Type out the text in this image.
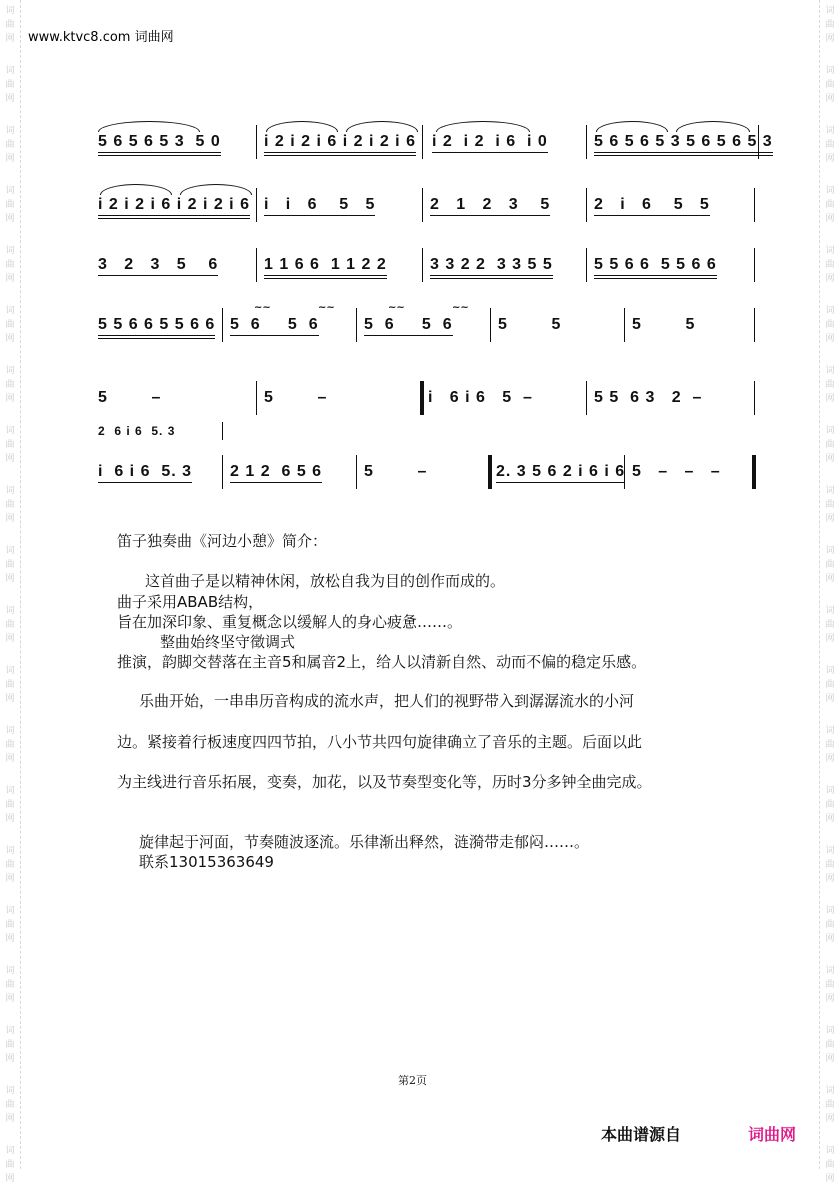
词
曲
网
词
曲
网
词
曲
网
词
曲
网
词
曲
网
词
曲
网
词
曲
网
词
曲
网
词
曲
网
词
曲
网
词
曲
网
词
曲
网
词
曲
网
词
曲
网
词
曲
网
词
曲
网
词
曲
网
词
曲
网
词
曲
网
词
曲
网
词
曲
网
词
曲
网
词
曲
网
词
曲
网
词
曲
网
词
曲
网
词
曲
网
词
曲
网
词
曲
网
词
曲
网
词
曲
网
词
曲
网
词
曲
网
词
曲
网
词
曲
网
词
曲
网
词
曲
网
词
曲
网
词
曲
网
词
曲
网
www.ktvc8.com 词曲网
5 6 5 6 5 3  5 0	i 2 i 2 i 6 i 2 i 2 i 6 i 2  i 2  i 6  i 0	5 6 5 6 5 3 5 6 5 6 5 3
i 2 i 2 i 6 i 2 i 2 i 6 i   i   6    5   5	2   1   2   3    5	2   i   6    5   5
3   2   3   5    6	1 1 6 6  1 1 2 2	3 3 2 2  3 3 5 5	5 5 6 6  5 5 6 6
5 5 6 6 5 5 6 6
~~	~~
5  6     5  6
~~	~~
5  6     5  6	5        5	5        5
5        –	5        –	i   6 i 6   5  –	5 5  6 3   2  –
2  6 i 6  5. 3
i  6 i 6  5. 3 2 1 2  6 5 6	5        –	2. 3 5 6 2 i 6 i 6 5   –   –   –
笛子独奏曲《河边小憩》简介：
这首曲子是以精神休闲，放松自我为目的创作而成的。
曲子采用ABAB结构，
旨在加深印象、重复概念以缓解人的身心疲惫……。
整曲始终坚守徵调式
推演，韵脚交替落在主音5和属音2上，给人以清新自然、动而不偏的稳定乐感。
乐曲开始，一串串历音构成的流水声，把人们的视野带入到潺潺流水的小河
边。紧接着行板速度四四节拍，八小节共四句旋律确立了音乐的主题。后面以此
为主线进行音乐拓展，变奏，加花，以及节奏型变化等，历时3分多钟全曲完成。
旋律起于河面，节奏随波逐流。乐律渐出释然，涟漪带走郁闷……。
联系13015363649
第2页
本曲谱源自	词曲网
